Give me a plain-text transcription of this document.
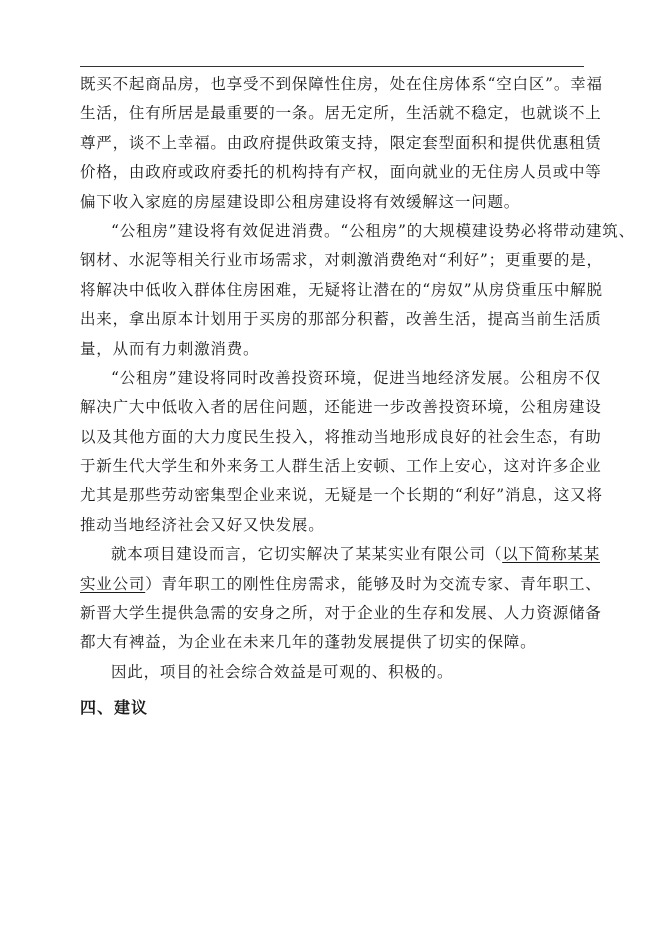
既买不起商品房，也享受不到保障性住房，处在住房体系“空白区”。幸福
生活，住有所居是最重要的一条。居无定所，生活就不稳定，也就谈不上
尊严，谈不上幸福。由政府提供政策支持，限定套型面积和提供优惠租赁
价格，由政府或政府委托的机构持有产权，面向就业的无住房人员或中等
偏下收入家庭的房屋建设即公租房建设将有效缓解这一问题。

“公租房”建设将有效促进消费。“公租房”的大规模建设势必将带动建筑、
钢材、水泥等相关行业市场需求，对刺激消费绝对“利好”；更重要的是，
将解决中低收入群体住房困难，无疑将让潜在的“房奴”从房贷重压中解脱
出来，拿出原本计划用于买房的那部分积蓄，改善生活，提高当前生活质
量，从而有力刺激消费。

“公租房”建设将同时改善投资环境，促进当地经济发展。公租房不仅
解决广大中低收入者的居住问题，还能进一步改善投资环境，公租房建设
以及其他方面的大力度民生投入，将推动当地形成良好的社会生态，有助
于新生代大学生和外来务工人群生活上安顿、工作上安心，这对许多企业
尤其是那些劳动密集型企业来说，无疑是一个长期的“利好”消息，这又将
推动当地经济社会又好又快发展。

就本项目建设而言，它切实解决了某某实业有限公司（以下简称某某
实业公司）青年职工的刚性住房需求，能够及时为交流专家、青年职工、
新晋大学生提供急需的安身之所，对于企业的生存和发展、人力资源储备
都大有裨益，为企业在未来几年的蓬勃发展提供了切实的保障。

因此，项目的社会综合效益是可观的、积极的。

四、建议
